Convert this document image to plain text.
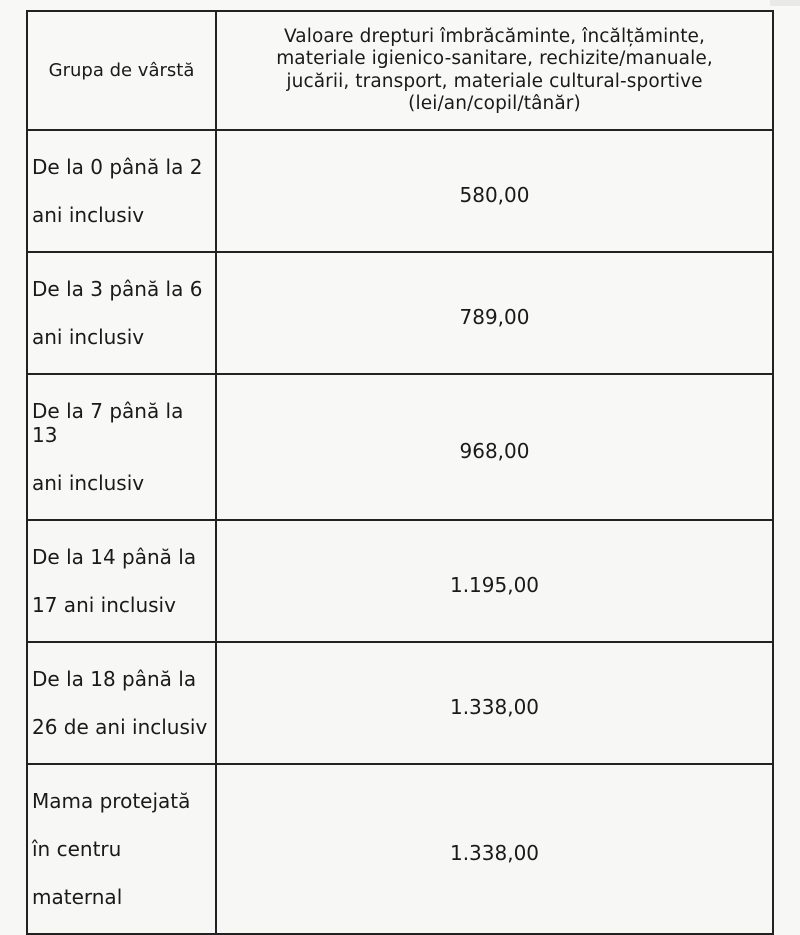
Grupa de vârstă	Valoare drepturi îmbrăcăminte, încălțăminte,
materiale igienico-sanitare, rechizite/manuale,
jucării, transport, materiale cultural-sportive
(lei/an/copil/tânăr)

De la 0 până la 2

ani inclusiv	580,00

De la 3 până la 6

ani inclusiv	789,00

De la 7 până la 13

ani inclusiv	968,00

De la 14 până la

17 ani inclusiv	1.195,00

De la 18 până la

26 de ani inclusiv	1.338,00

Mama protejată

în centru

maternal	1.338,00
